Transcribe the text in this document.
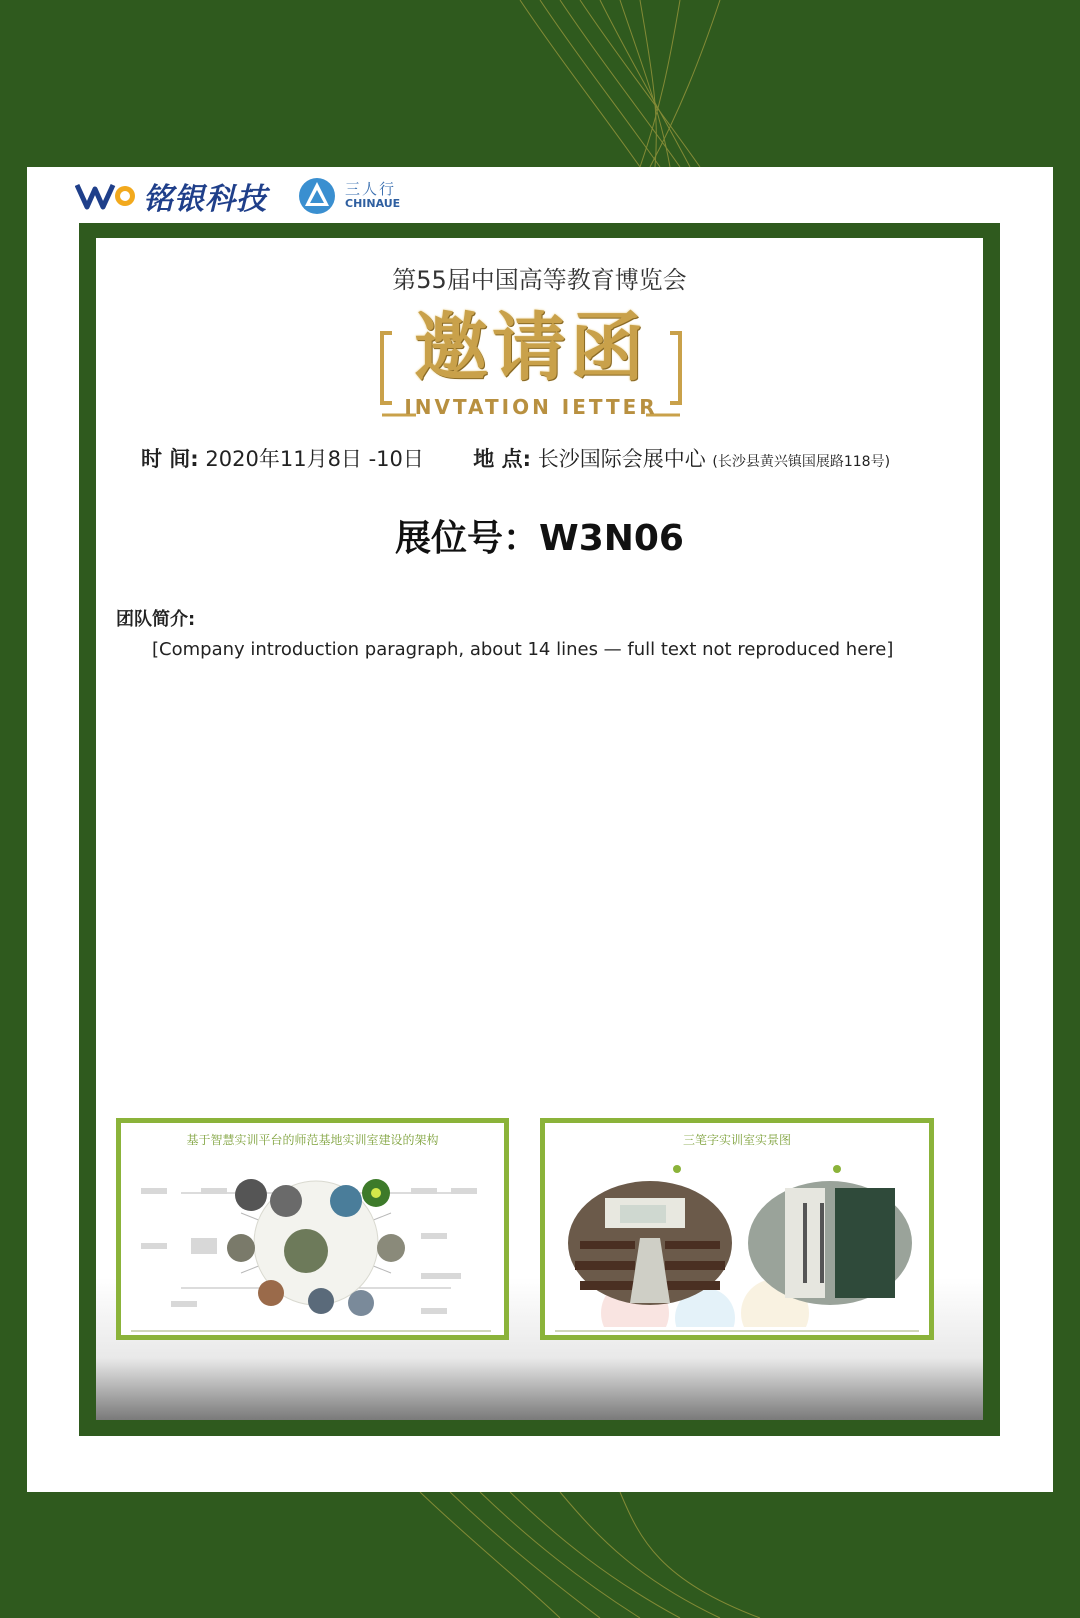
铭银科技	三人行
CHINAUE
第55届中国高等教育博览会
邀请函
INVTATION IETTER
时 间: 2020年11月8日 -10日 地 点: 长沙国际会展中心 (长沙县黄兴镇国展路118号)
展位号：W3N06
团队简介:

[Company introduction paragraph, about 14 lines — full text not reproduced here]

基于智慧实训平台的师范基地实训室建设的架构	三笔字实训室实景图
